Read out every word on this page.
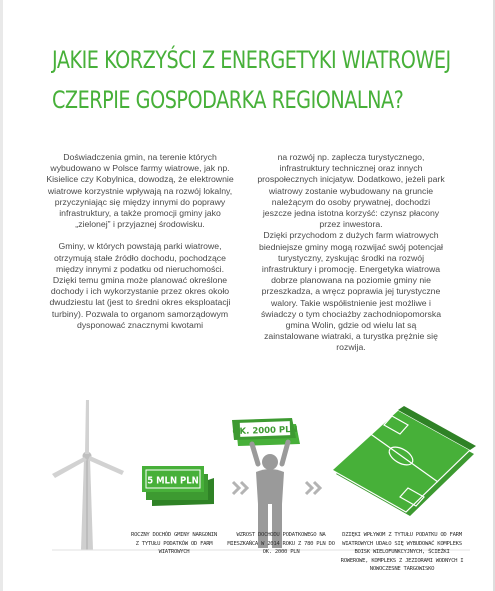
JAKIE KORZYŚCI Z ENERGETYKI WIATROWEJ
CZERPIE GOSPODARKA REGIONALNA?

Doświadczenia gmin, na terenie których wybudowano w Polsce farmy wiatrowe, jak np. Kisielice czy Kobylnica, dowodzą, że elektrownie wiatrowe korzystnie wpływają na rozwój lokalny, przyczyniając się między innymi do poprawy infrastruktury, a także promocji gminy jako „zielonej” i przyjaznej środowisku.

Gminy, w których powstają parki wiatrowe, otrzymują stałe źródło dochodu, pochodzące między innymi z podatku od nieruchomości. Dzięki temu gmina może planować określone dochody i ich wykorzystanie przez okres około dwudziestu lat (jest to średni okres eksploatacji turbiny). Pozwala to organom samorządowym dysponować znacznymi kwotami

na rozwój np. zaplecza turystycznego, infrastruktury technicznej oraz innych prospołecznych inicjatyw. Dodatkowo, jeżeli park wiatrowy zostanie wybudowany na gruncie należącym do osoby prywatnej, dochodzi jeszcze jedna istotna korzyść: czynsz płacony przez inwestora.

Dzięki przychodom z dużych farm wiatrowych biedniejsze gminy mogą rozwijać swój potencjał turystyczny, zyskując środki na rozwój infrastruktury i promocję. Energetyka wiatrowa dobrze planowana na poziomie gminy nie przeszkadza, a wręcz poprawia jej turystyczne walory. Takie współistnienie jest możliwe i świadczy o tym chociażby zachodniopomorska gmina Wolin, gdzie od wielu lat są zainstalowane wiatraki, a turystka prężnie się rozwija.

5 MLN PLN
OK. 2000 PLN
ROCZNY DOCHÓD GMINY NARGONIN Z TYTUŁU PODATKÓW OD FARM WIATROWYCH
WZROST DOCHODU PODATKOWEGO NA MIESZKAŃCA W 2014 ROKU Z 780 PLN DO OK. 2000 PLN
DZIĘKI WPŁYWOM Z TYTUŁU PODATKU OD FARM WIATROWYCH UDAŁO SIĘ WYBUDOWAĆ KOMPLEKS BOISK WIELOFUNKCYJNYCH, ŚCIEŻKI ROWEROWE, KOMPLEKS Z JEZIORAMI WODNYCH I NOWOCZESNE TARGOWISKO
